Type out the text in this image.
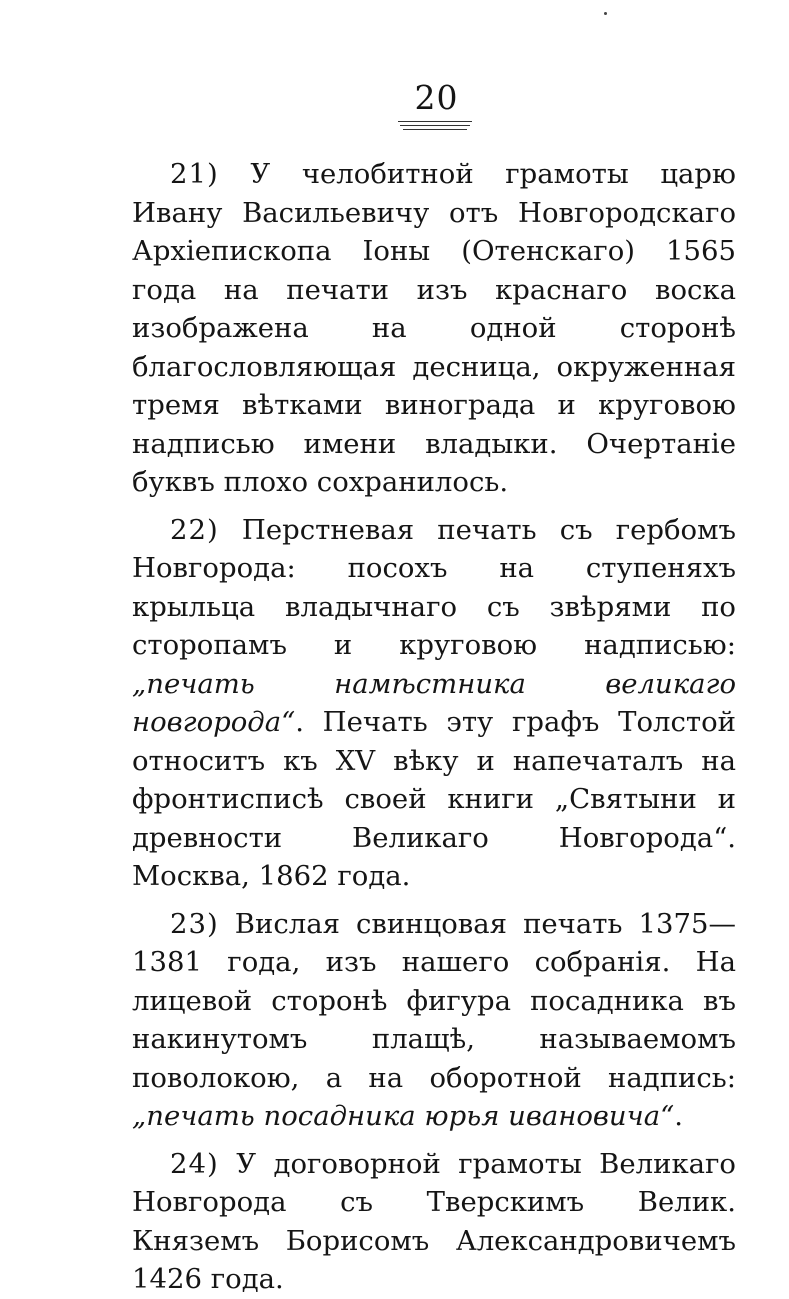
20

21) У челобитной грамоты царю Ивану Васильевичу отъ Новгородскаго Архіепископа Іоны (Отенскаго) 1565 года на печати изъ краснаго воска изображена на одной сторонѣ благословляющая десница, окруженная тремя вѣтками винограда и круговою надписью имени владыки. Очертаніе буквъ плохо сохранилось.

22) Перстневая печать съ гербомъ Новгорода: посохъ на ступеняхъ крыльца владычнаго съ звѣрями по сторопамъ и круговою надписью: „печать намѣстника великаго новгорода“. Печать эту графъ Толстой относитъ къ XV вѣку и напечаталъ на фронтисписѣ своей книги „Святыни и древности Великаго Новгорода“. Москва, 1862 года.

23) Вислая свинцовая печать 1375—1381 года, изъ нашего собранія. На лицевой сторонѣ фигура посадника въ накинутомъ плащѣ, называемомъ поволокою, а на оборотной надпись: „печать посадника юрья ивановича“.

24) У договорной грамоты Великаго Новгорода съ Тверскимъ Велик. Княземъ Борисомъ Александровичемъ 1426 года.
